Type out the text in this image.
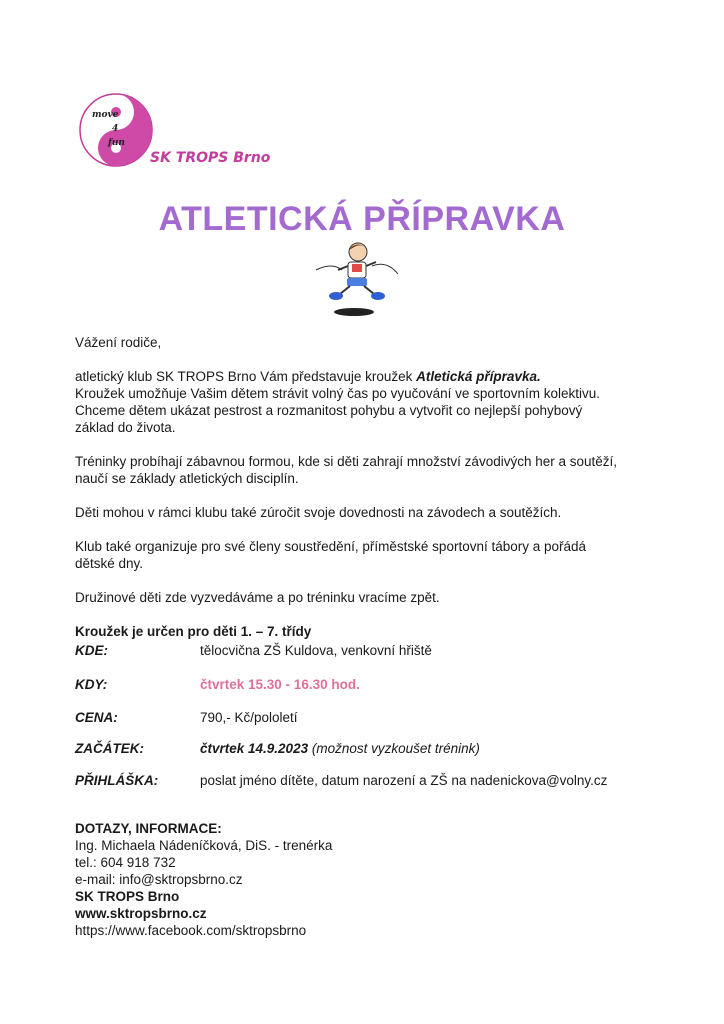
move
4
fun
SK TROPS Brno
ATLETICKÁ PŘÍPRAVKA

Vážení rodiče,

atletický klub SK TROPS Brno Vám představuje kroužek Atletická přípravka.

Kroužek umožňuje Vašim dětem strávit volný čas po vyučování ve sportovním kolektivu.

Chceme dětem ukázat pestrost a rozmanitost pohybu a vytvořit co nejlepší pohybový

základ do života.

Tréninky probíhají zábavnou formou, kde si děti zahrají množství závodivých her a soutěží,

naučí se základy atletických disciplín.

Děti mohou v rámci klubu také zúročit svoje dovednosti na závodech a soutěžích.

Klub také organizuje pro své členy soustředění, příměstské sportovní tábory a pořádá

dětské dny.

Družinové děti zde vyzvedáváme a po tréninku vracíme zpět.

Kroužek je určen pro děti 1. – 7. třídy

KDE:	tělocvična ZŠ Kuldova, venkovní hřiště
KDY:	čtvrtek 15.30 - 16.30 hod.
CENA:	790,- Kč/pololetí
ZAČÁTEK:	čtvrtek 14.9.2023 (možnost vyzkoušet trénink)
PŘIHLÁŠKA:	poslat jméno dítěte, datum narození a ZŠ na nadenickova@volny.cz
DOTAZY, INFORMACE:
Ing. Michaela Nádeníčková, DiS. - trenérka
tel.: 604 918 732
e-mail: info@sktropsbrno.cz
SK TROPS Brno
www.sktropsbrno.cz
https://www.facebook.com/sktropsbrno
